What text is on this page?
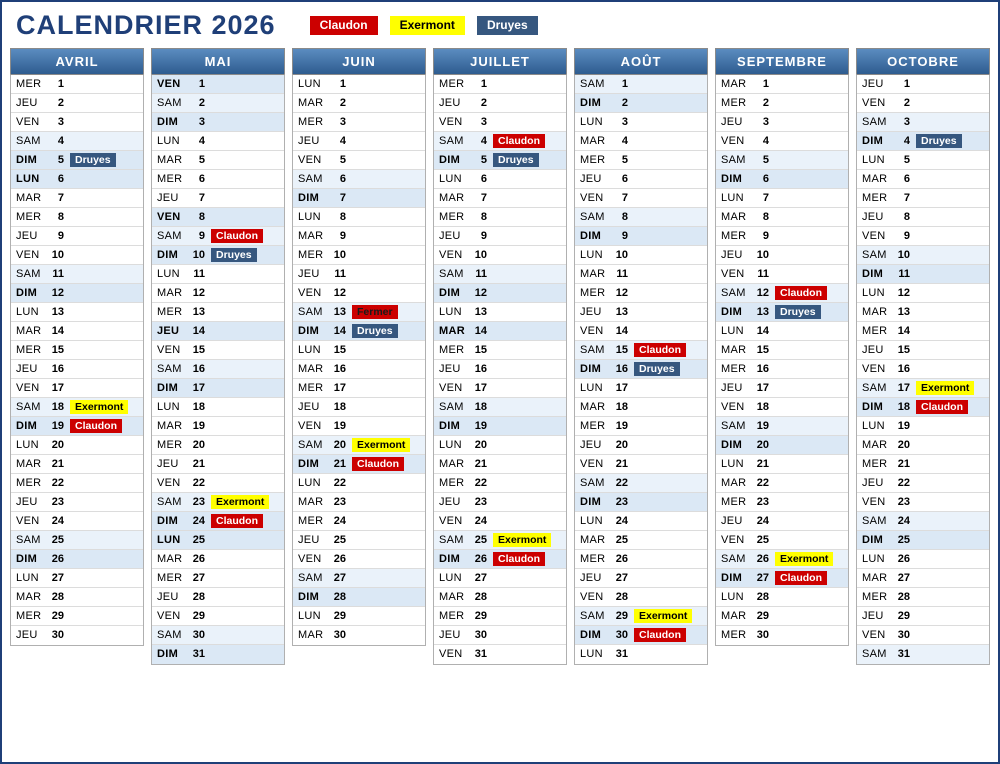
CALENDRIER 2026	Claudon	Exermont	Druyes
AVRIL
MER	1
JEU	2
VEN	3
SAM	4
DIM	5	Druyes
LUN	6
MAR	7
MER	8
JEU	9
VEN	10
SAM	11
DIM	12
LUN	13
MAR 14
MER 15
JEU	16
VEN	17
SAM	18	Exermont
DIM	19	Claudon
LUN	20
MAR 21
MER 22
JEU	23
VEN	24
SAM	25
DIM	26
LUN	27
MAR 28
MER 29
JEU	30
MAI
VEN	1
SAM	2
DIM	3
LUN	4
MAR	5
MER	6
JEU	7
VEN	8
SAM	9	Claudon
DIM	10	Druyes
LUN	11
MAR 12
MER 13
JEU	14
VEN	15
SAM	16
DIM	17
LUN	18
MAR 19
MER 20
JEU	21
VEN	22
SAM	23	Exermont
DIM	24	Claudon
LUN	25
MAR 26
MER 27
JEU	28
VEN	29
SAM	30
DIM	31
JUIN
LUN	1
MAR	2
MER	3
JEU	4
VEN	5
SAM	6
DIM	7
LUN	8
MAR	9
MER 10
JEU	11
VEN	12
SAM	13	Fermer
DIM	14	Druyes
LUN	15
MAR 16
MER 17
JEU	18
VEN	19
SAM	20	Exermont
DIM	21	Claudon
LUN	22
MAR 23
MER 24
JEU	25
VEN	26
SAM	27
DIM	28
LUN	29
MAR 30
JUILLET
MER	1
JEU	2
VEN	3
SAM	4	Claudon
DIM	5	Druyes
LUN	6
MAR	7
MER	8
JEU	9
VEN	10
SAM	11
DIM	12
LUN	13
MAR 14
MER 15
JEU	16
VEN	17
SAM	18
DIM	19
LUN	20
MAR 21
MER 22
JEU	23
VEN	24
SAM	25	Exermont
DIM	26	Claudon
LUN	27
MAR 28
MER 29
JEU	30
VEN	31
AOÛT
SAM	1
DIM	2
LUN	3
MAR	4
MER	5
JEU	6
VEN	7
SAM	8
DIM	9
LUN	10
MAR	11
MER 12
JEU	13
VEN	14
SAM	15	Claudon
DIM	16	Druyes
LUN	17
MAR 18
MER 19
JEU	20
VEN	21
SAM	22
DIM	23
LUN	24
MAR 25
MER 26
JEU	27
VEN	28
SAM	29	Exermont
DIM	30	Claudon
LUN	31
SEPTEMBRE
MAR	1
MER	2
JEU	3
VEN	4
SAM	5
DIM	6
LUN	7
MAR	8
MER	9
JEU	10
VEN	11
SAM	12	Claudon
DIM	13	Druyes
LUN	14
MAR 15
MER 16
JEU	17
VEN	18
SAM	19
DIM	20
LUN	21
MAR 22
MER 23
JEU	24
VEN	25
SAM	26	Exermont
DIM	27	Claudon
LUN	28
MAR 29
MER 30
OCTOBRE
JEU	1
VEN	2
SAM	3
DIM	4	Druyes
LUN	5
MAR	6
MER	7
JEU	8
VEN	9
SAM	10
DIM	11
LUN	12
MAR 13
MER 14
JEU	15
VEN	16
SAM	17	Exermont
DIM	18	Claudon
LUN	19
MAR 20
MER 21
JEU	22
VEN	23
SAM	24
DIM	25
LUN	26
MAR 27
MER 28
JEU	29
VEN	30
SAM	31
